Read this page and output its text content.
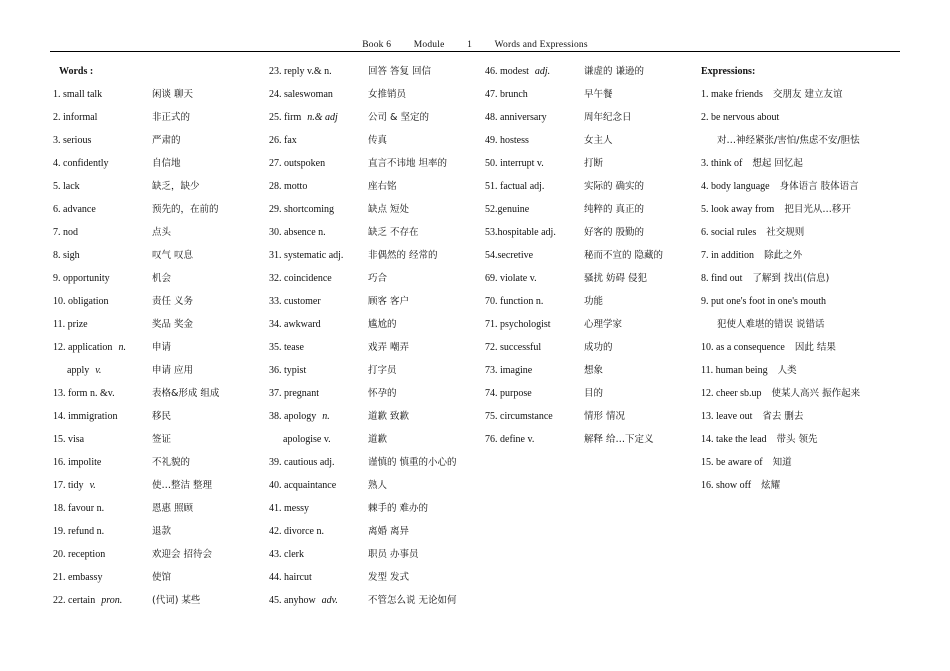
Book 6 Module 1 Words and Expressions
Words :
1. small talk	闲谈 聊天
2. informal	非正式的
3. serious	严肃的
4. confidently	自信地
5. lack	缺乏，缺少
6. advance	预先的，在前的
7. nod	点头
8. sigh	叹气 叹息
9. opportunity	机会
10. obligation	责任 义务
11. prize	奖品 奖金
12. application n.	申请
apply v.	申请 应用
13. form n. &v.	表格&形成 组成
14. immigration	移民
15. visa	签证
16. impolite	不礼貌的
17. tidy v.	使…整洁 整理
18. favour n.	恩惠 照顾
19. refund n.	退款
20. reception	欢迎会 招待会
21. embassy	使馆
22. certain pron.	(代词) 某些
23. reply v.& n.	回答 答复 回信
24. saleswoman	女推销员
25. firm n.& adj	公司 & 坚定的
26. fax	传真
27. outspoken	直言不讳地 坦率的
28. motto	座右铭
29. shortcoming	缺点 短处
30. absence n.	缺乏 不存在
31. systematic adj.	非偶然的 经常的
32. coincidence	巧合
33. customer	顾客 客户
34. awkward	尴尬的
35. tease	戏弄 嘲弄
36. typist	打字员
37. pregnant	怀孕的
38. apology n.	道歉 致歉
apologise v.	道歉
39. cautious adj.	谨慎的 慎重的小心的
40. acquaintance	熟人
41. messy	棘手的 难办的
42. divorce n.	离婚 离异
43. clerk	职员 办事员
44. haircut	发型 发式
45. anyhow adv.	不管怎么说 无论如何
46. modest adj.	谦虚的 谦逊的
47. brunch	早午餐
48. anniversary	周年纪念日
49. hostess	女主人
50. interrupt v.	打断
51. factual adj.	实际的 确实的
52.genuine	纯粹的 真正的
53.hospitable adj.	好客的 殷勤的
54.secretive	秘而不宣的 隐藏的
69. violate v.	骚扰 妨碍 侵犯
70. function n.	功能
71. psychologist	心理学家
72. successful	成功的
73. imagine	想象
74. purpose	目的
75. circumstance	情形 情况
76. define v.	解释 给…下定义
Expressions:
1. make friends 交朋友 建立友谊
2. be nervous about
对…神经紧张/害怕/焦虑不安/胆怯
3. think of 想起 回忆起
4. body language 身体语言 肢体语言
5. look away from 把目光从…移开
6. social rules 社交规则
7. in addition 除此之外
8. find out 了解到 找出(信息)
9. put one's foot in one's mouth
犯使人难堪的错误 说错话
10. as a consequence 因此 结果
11. human being 人类
12. cheer sb.up 使某人高兴 振作起来
13. leave out 省去 删去
14. take the lead 带头 领先
15. be aware of 知道
16. show off 炫耀
